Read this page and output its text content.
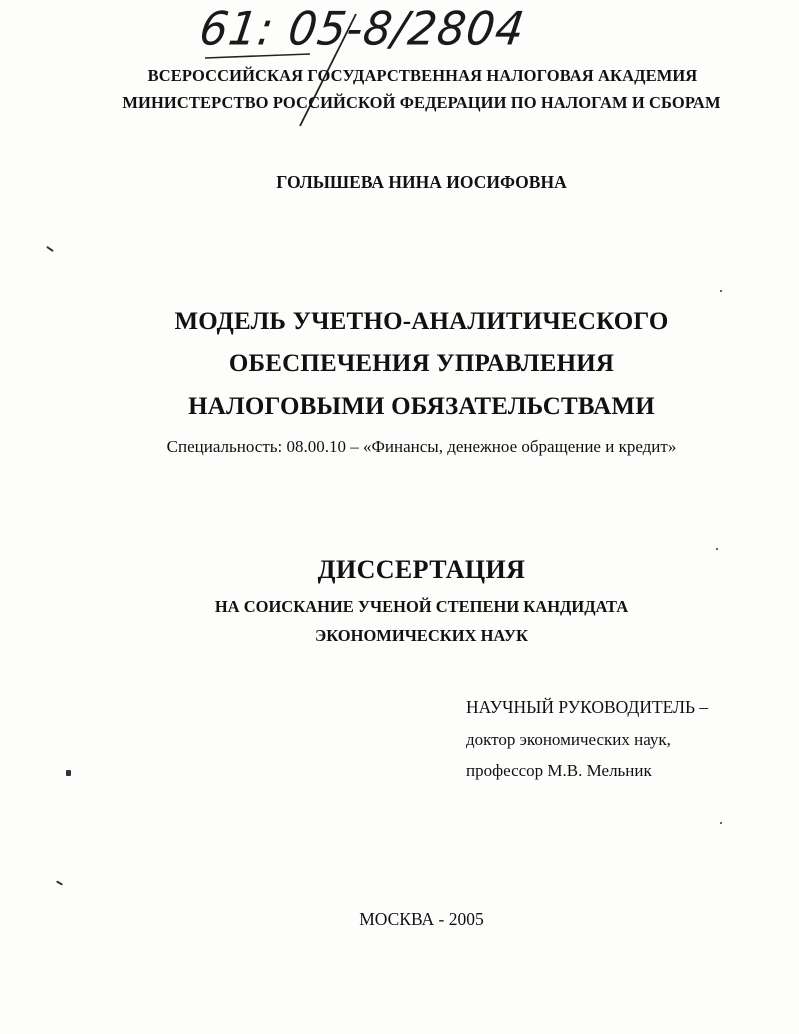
61: 05-8/2804
ВСЕРОССИЙСКАЯ ГОСУДАРСТВЕННАЯ НАЛОГОВАЯ АКАДЕМИЯ
МИНИСТЕРСТВО РОССИЙСКОЙ ФЕДЕРАЦИИ ПО НАЛОГАМ И СБОРАМ
ГОЛЫШЕВА НИНА ИОСИФОВНА
МОДЕЛЬ УЧЕТНО-АНАЛИТИЧЕСКОГО
ОБЕСПЕЧЕНИЯ УПРАВЛЕНИЯ
НАЛОГОВЫМИ ОБЯЗАТЕЛЬСТВАМИ
Специальность: 08.00.10 – «Финансы, денежное обращение и кредит»
ДИССЕРТАЦИЯ
НА СОИСКАНИЕ УЧЕНОЙ СТЕПЕНИ КАНДИДАТА
ЭКОНОМИЧЕСКИХ НАУК
НАУЧНЫЙ РУКОВОДИТЕЛЬ –
доктор экономических наук,
профессор М.В. Мельник
МОСКВА - 2005
